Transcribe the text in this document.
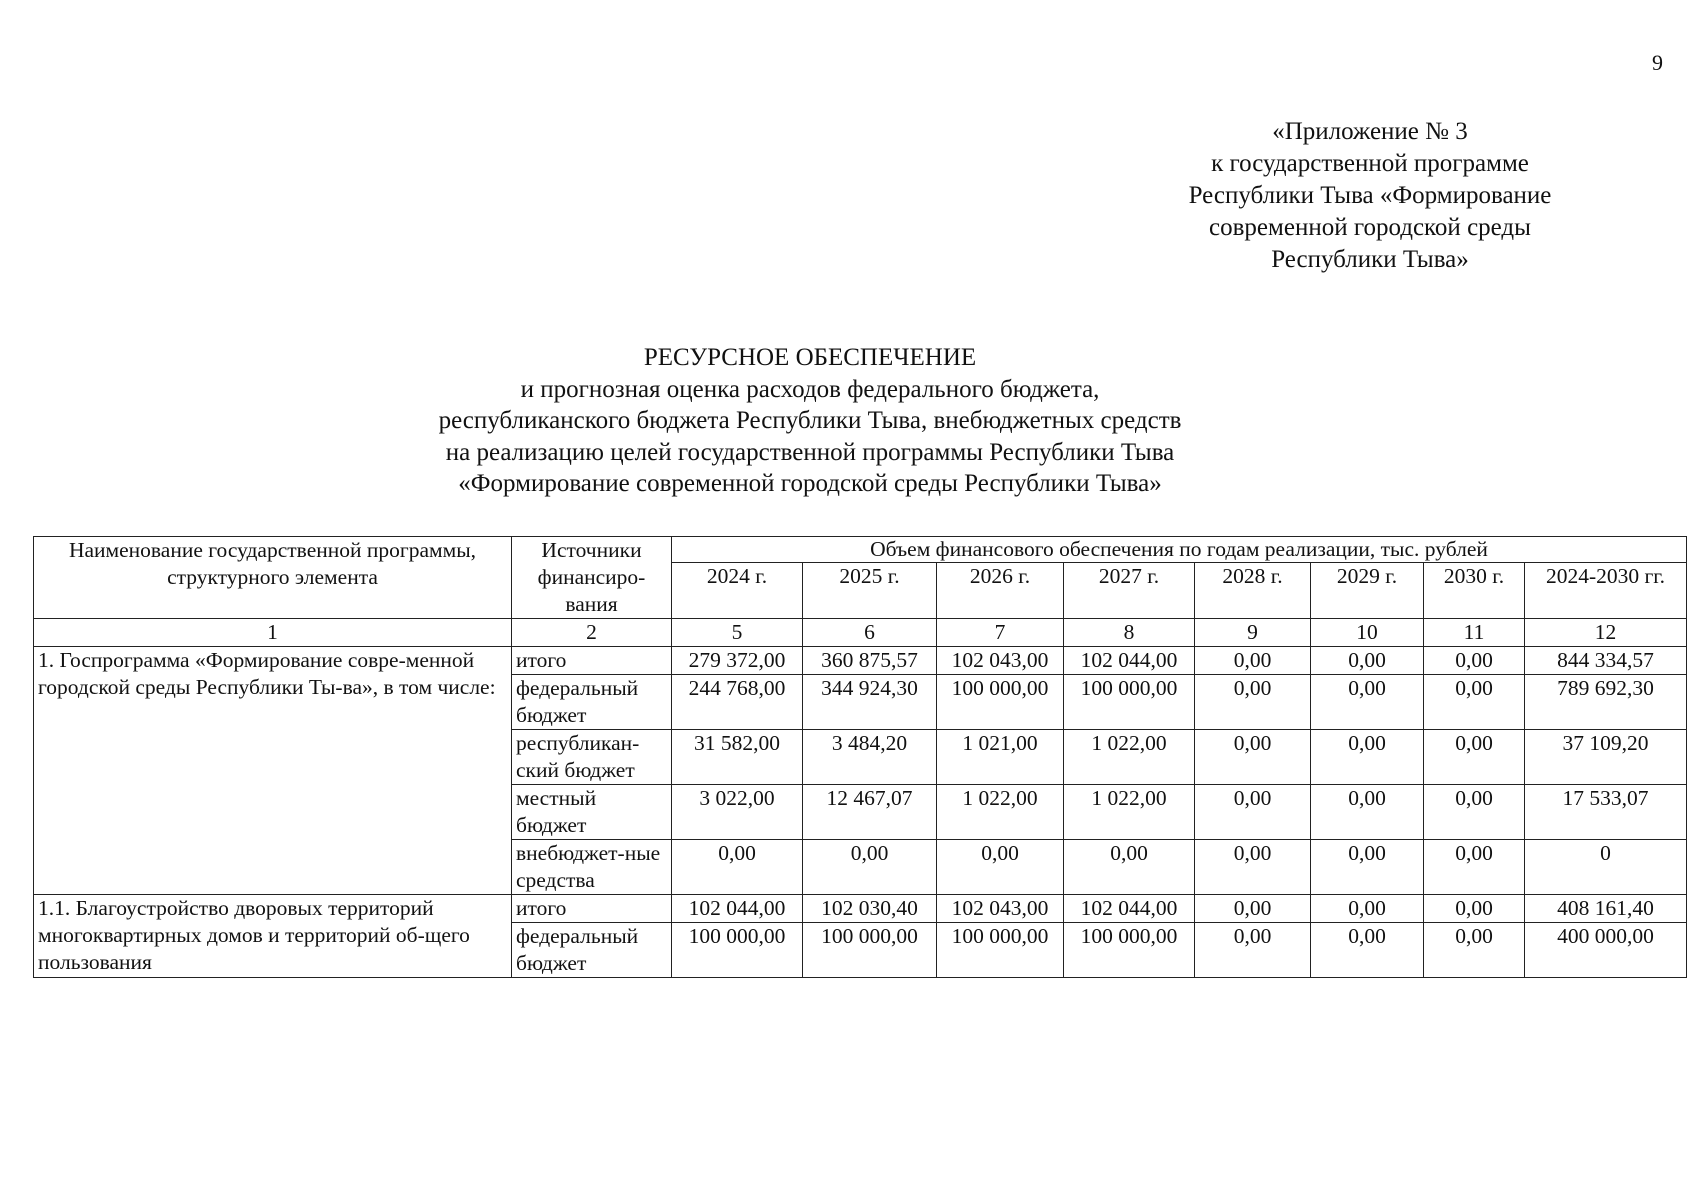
9
«Приложение № 3
к государственной программе
Республики Тыва «Формирование
современной городской среды
Республики Тыва»
РЕСУРСНОЕ ОБЕСПЕЧЕНИЕ
и прогнозная оценка расходов федерального бюджета,
республиканского бюджета Республики Тыва, внебюджетных средств
на реализацию целей государственной программы Республики Тыва
«Формирование современной городской среды Республики Тыва»
Наименование государственной программы, структурного элемента	Источники финансиро-вания	Объем финансового обеспечения по годам реализации, тыс. рублей							
		2024 г.	2025 г.	2026 г.	2027 г.	2028 г.	2029 г.	2030 г.	2024-2030 гг.
1	2	5	6	7	8	9	10	11	12
1. Госпрограмма «Формирование совре-менной городской среды Республики Ты-ва», в том числе:	итого	279 372,00	360 875,57	102 043,00	102 044,00	0,00	0,00	0,00	844 334,57
	федеральный бюджет	244 768,00	344 924,30	100 000,00	100 000,00	0,00	0,00	0,00	789 692,30
	республикан-ский бюджет	31 582,00	3 484,20	1 021,00	1 022,00	0,00	0,00	0,00	37 109,20
	местный бюджет	3 022,00	12 467,07	1 022,00	1 022,00	0,00	0,00	0,00	17 533,07
	внебюджет-ные средства	0,00	0,00	0,00	0,00	0,00	0,00	0,00	0
1.1. Благоустройство дворовых территорий многоквартирных домов и территорий об-щего пользования	итого	102 044,00	102 030,40	102 043,00	102 044,00	0,00	0,00	0,00	408 161,40
	федеральный бюджет	100 000,00	100 000,00	100 000,00	100 000,00	0,00	0,00	0,00	400 000,00
